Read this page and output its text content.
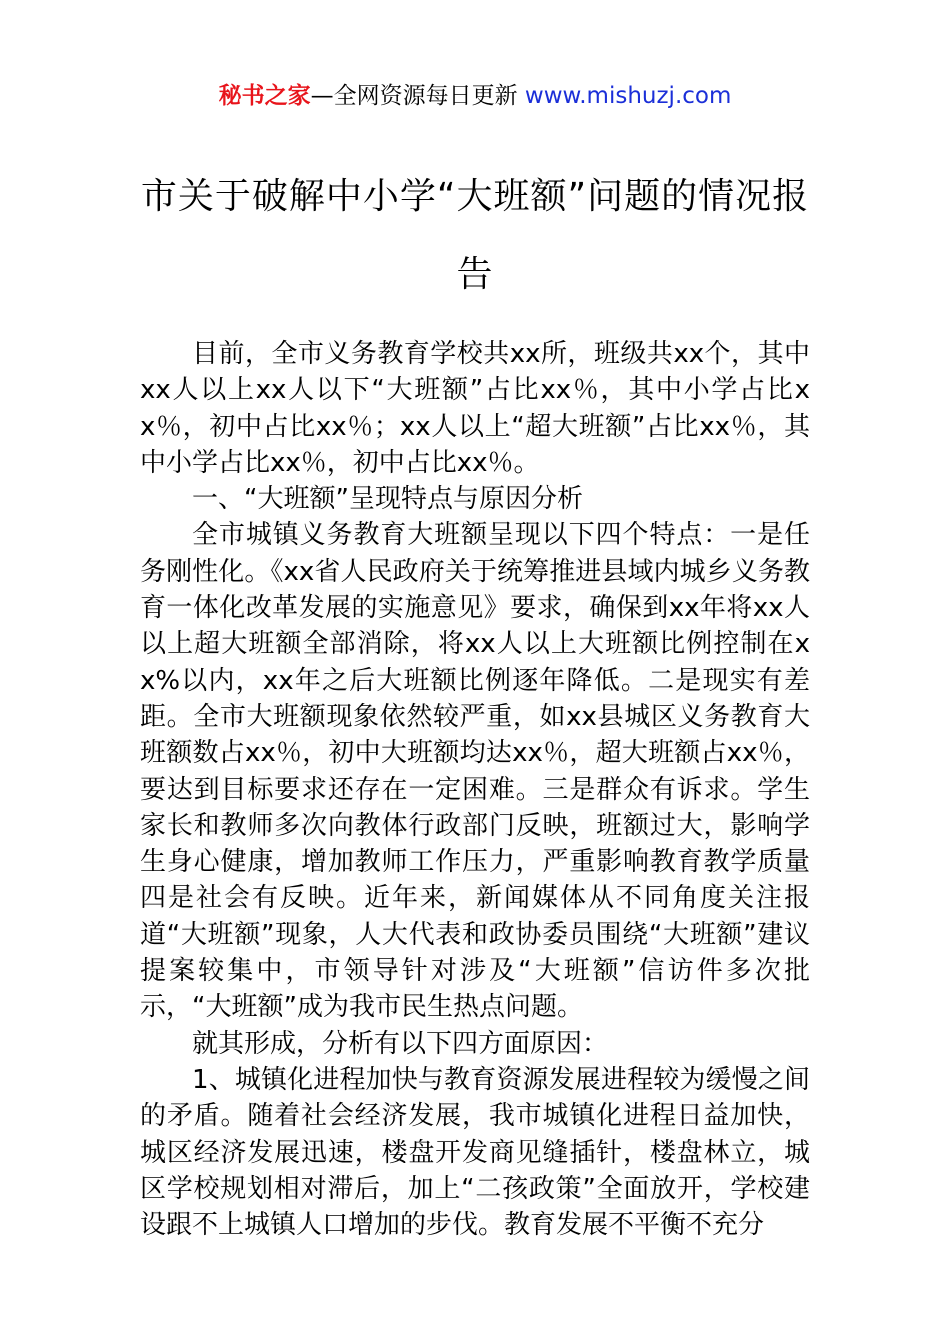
秘书之家—全网资源每日更新 www.mishuzj.com
市关于破解中小学“大班额”问题的情况报告

目前，全市义务教育学校共xx所，班级共xx个，其中xx人以上xx人以下“大班额”占比xx％，其中小学占比xx％，初中占比xx％；xx人以上“超大班额”占比xx％，其中小学占比xx％，初中占比xx％。

一、“大班额”呈现特点与原因分析

全市城镇义务教育大班额呈现以下四个特点：一是任务刚性化。《xx省人民政府关于统筹推进县域内城乡义务教育一体化改革发展的实施意见》要求，确保到xx年将xx人以上超大班额全部消除，将xx人以上大班额比例控制在xx%以内，xx年之后大班额比例逐年降低。二是现实有差距。全市大班额现象依然较严重，如xx县城区义务教育大班额数占xx％，初中大班额均达xx％，超大班额占xx％，要达到目标要求还存在一定困难。三是群众有诉求。学生家长和教师多次向教体行政部门反映，班额过大，影响学生身心健康，增加教师工作压力，严重影响教育教学质量四是社会有反映。近年来，新闻媒体从不同角度关注报道“大班额”现象，人大代表和政协委员围绕“大班额”建议提案较集中，市领导针对涉及“大班额”信访件多次批示，“大班额”成为我市民生热点问题。

就其形成，分析有以下四方面原因：

1、城镇化进程加快与教育资源发展进程较为缓慢之间的矛盾。随着社会经济发展，我市城镇化进程日益加快，城区经济发展迅速，楼盘开发商见缝插针，楼盘林立，城区学校规划相对滞后，加上“二孩政策”全面放开，学校建设跟不上城镇人口增加的步伐。教育发展不平衡不充分
